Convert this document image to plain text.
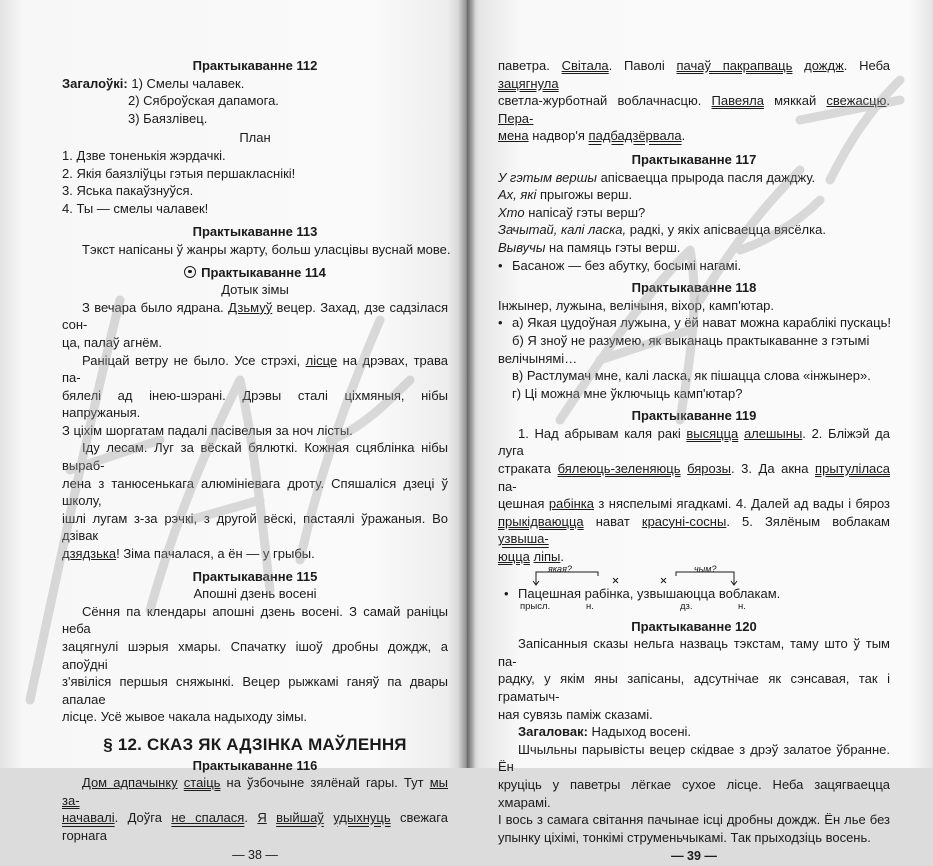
Практыкаванне 112
Загалоўкі: 1) Смелы чалавек.
2) Сяброўская дапамога.
3) Баязлівец.
План
1. Дзве тоненькія жэрдачкі.
2. Якія баязліўцы гэтыя першакласнікі!
3. Яська пакаўзнуўся.
4. Ты — смелы чалавек!
Практыкаванне 113
Тэкст напісаны ў жанры жарту, больш уласцівы вуснай мове.
Практыкаванне 114
Дотык зімы
З вечара было ядрана. Дзьмуў вецер. Захад, дзе садзілася сон-
ца, палаў агнём.
Раніцай ветру не было. Усе стрэхі, лісце на дрэвах, трава па-
бялелі ад інею-шэрані. Дрэвы сталі ціхмяныя, нібы напружаныя.
З ціхім шоргатам падалі пасівелыя за ноч лісты.
Іду лесам. Луг за вёскай бялюткі. Кожная сцяблінка нібы выраб-
лена з танюсенькага алюмініевага дроту. Спяшаліся дзеці ў школу,
ішлі лугам з-за рэчкі, з другой вёскі, пастаялі ўражаныя. Во дзівак
дзядзька! Зіма пачалася, а ён — у грыбы.
Практыкаванне 115
Апошні дзень восені
Сёння па клендары апошні дзень восені. З самай раніцы неба
зацягнулі шэрыя хмары. Спачатку ішоў дробны дождж, а апоўдні
з'явіліся першыя сняжынкі. Вецер рыжкамі ганяў па двары апалае
лісце. Усё жывое чакала надыходу зімы.
§ 12. СКАЗ ЯК АДЗІНКА МАЎЛЕННЯ
Практыкаванне 116
Дом адпачынку стаіць на ўзбочыне зялёнай гары. Тут мы за-
начавалі. Доўга не спалася. Я выйшаў удыхнуць свежага горнага
— 38 —
паветра. Світала. Паволі пачаў пакрапваць дождж. Неба зацягнула
светла-журботнай воблачнасцю. Павеяла мяккай свежасцю. Пера-
мена надвор'я падбадзёрвала.
Практыкаванне 117
У гэтым вершы апісваецца прырода пасля дажджу.
Ах, які прыгожы верш.
Хто напісаў гэты верш?
Зачытай, калі ласка, радкі, у якіх апісваецца вясёлка.
Вывучы на памяць гэты верш.
• Басанож — без абутку, босымі нагамі.
Практыкаванне 118
Інжынер, лужына, велічыня, віхор, камп'ютар.
• а) Якая цудоўная лужына, у ёй нават можна караблікі пускаць!
б) Я зноў не разумею, як выканаць практыкаванне з гэтымі
велічынямі…
в) Растлумач мне, калі ласка, як пішацца слова «інжынер».
г) Ці можна мне ўключыць камп'ютар?
Практыкаванне 119
1. Над абрывам каля ракі высяцца алешыны. 2. Бліжэй да луга
стракатa бялеюць-зеленяюць бярозы. 3. Да акна прытуліласа па-
цешная рабінка з няспелымі ягадкамі. 4. Далей ад вады і бяроз
прыкідваюцца нават красуні-сосны. 5. Зялёным воблакам узвыша-
юцца ліпы.
якая?	чым?
• Пацешная рабінка, узвышаюцца воблакам.
прысл.	н.	дз.	н.
Практыкаванне 120
Запісанныя сказы нельга назваць тэкстам, таму што ў тым па-
радку, у якім яны запісаны, адсутнічае як сэнсавая, так і граматыч-
ная сувязь паміж сказамі.
Загаловак: Надыход восені.
Шчыльны парывісты вецер скідвае з дрэў залатое ўбранне. Ён
круціць у паветры лёгкае сухое лісце. Неба зацягваецца хмарамі.
І вось з самага світання пачынае ісці дробны дождж. Ён лье без
упынку ціхімі, тонкімі струменьчыкамі. Так прыходзіць восень.
— 39 —
